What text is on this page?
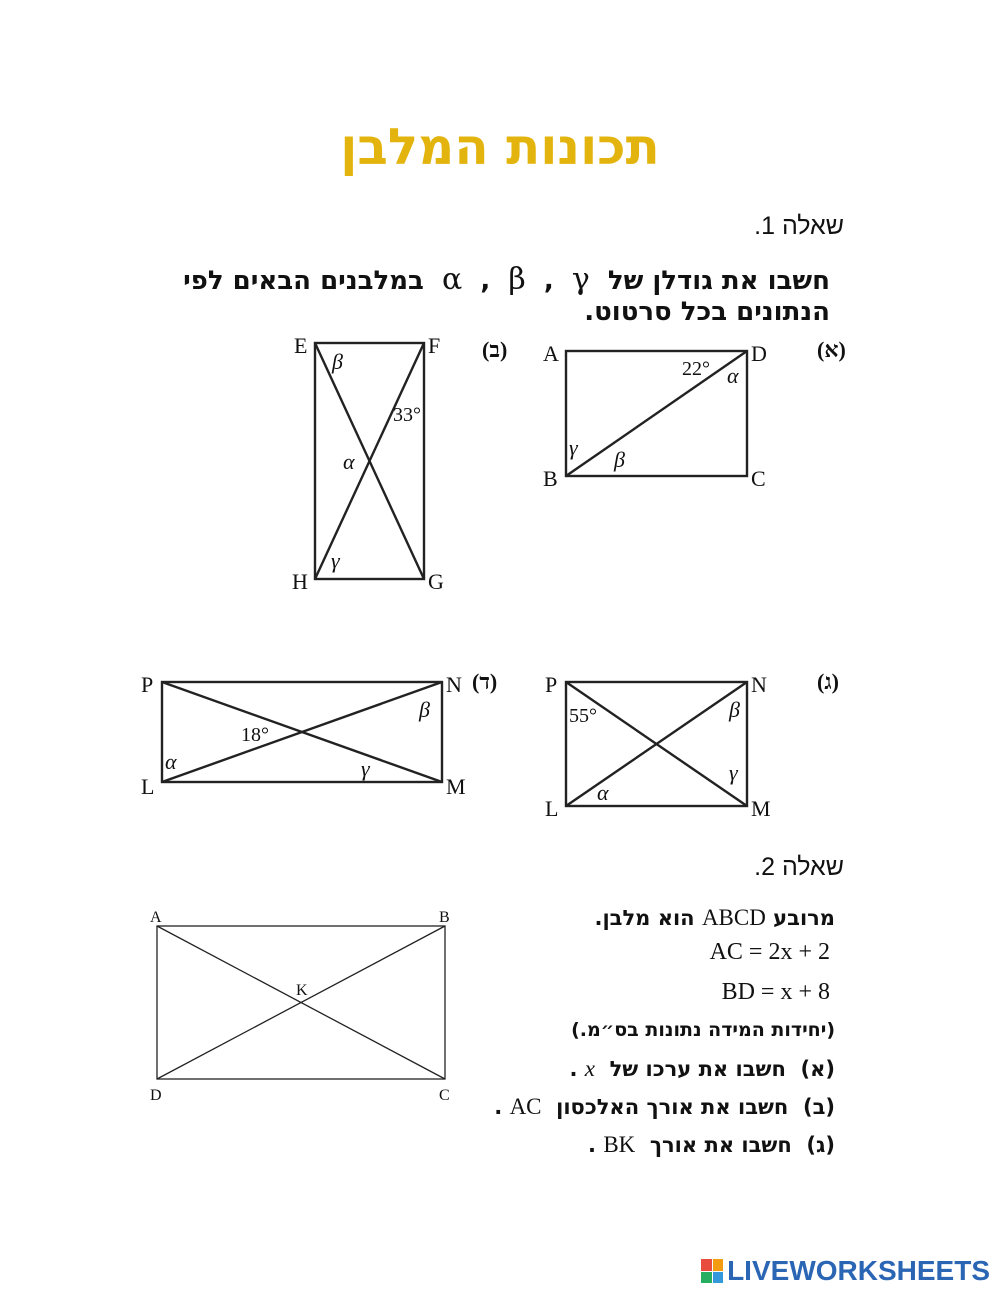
תכונות המלבן
שאלה 1.
חשבו את גודלן של  α , β , γ  במלבנים הבאים לפי הנתונים בכל סרטוט.
(א)
A	D
B	C
22° α
β
γ
(ב)
E	F
H	G
33°
α
β
γ
(ג)
P	N
L	M
55°
α
β
γ
(ד)
P	N
L	M
18°
α
β
γ
A	B
D	C
K
שאלה 2.
מרובע ABCD הוא מלבן.
AC = 2x + 2
BD = x + 8
(יחידות המידה נתונות בס״מ.)
(א)  חשבו את ערכו של  x .
(ב)  חשבו את אורך האלכסון  AC .
(ג)  חשבו את אורך  BK .
LIVEWORKSHEETS
